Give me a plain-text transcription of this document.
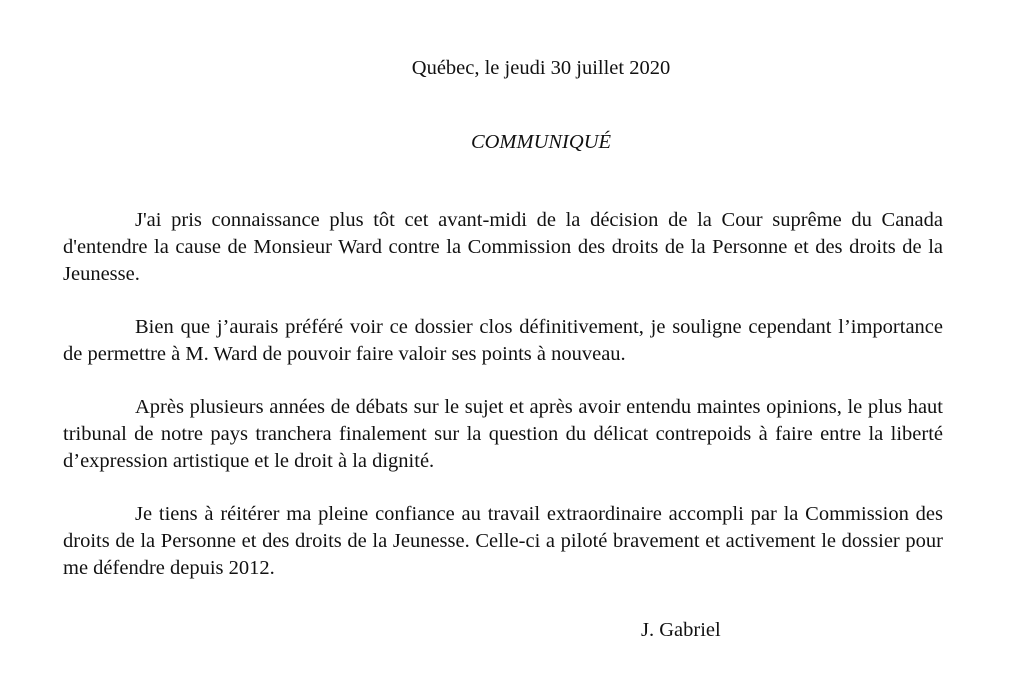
Québec, le jeudi 30 juillet 2020
COMMUNIQUÉ

J'ai pris connaissance plus tôt cet avant-midi de la décision de la Cour suprême du Canada d'entendre la cause de Monsieur Ward contre la Commission des droits de la Personne et des droits de la Jeunesse.

Bien que j’aurais préféré voir ce dossier clos définitivement, je souligne cependant l’importance de permettre à M. Ward de pouvoir faire valoir ses points à nouveau.

Après plusieurs années de débats sur le sujet et après avoir entendu maintes opinions, le plus haut tribunal de notre pays tranchera finalement sur la question du délicat contrepoids à faire entre la liberté d’expression artistique et le droit à la dignité.

Je tiens à réitérer ma pleine confiance au travail extraordinaire accompli par la Commission des droits de la Personne et des droits de la Jeunesse. Celle-ci a piloté bravement et activement le dossier pour me défendre depuis 2012.

J. Gabriel
